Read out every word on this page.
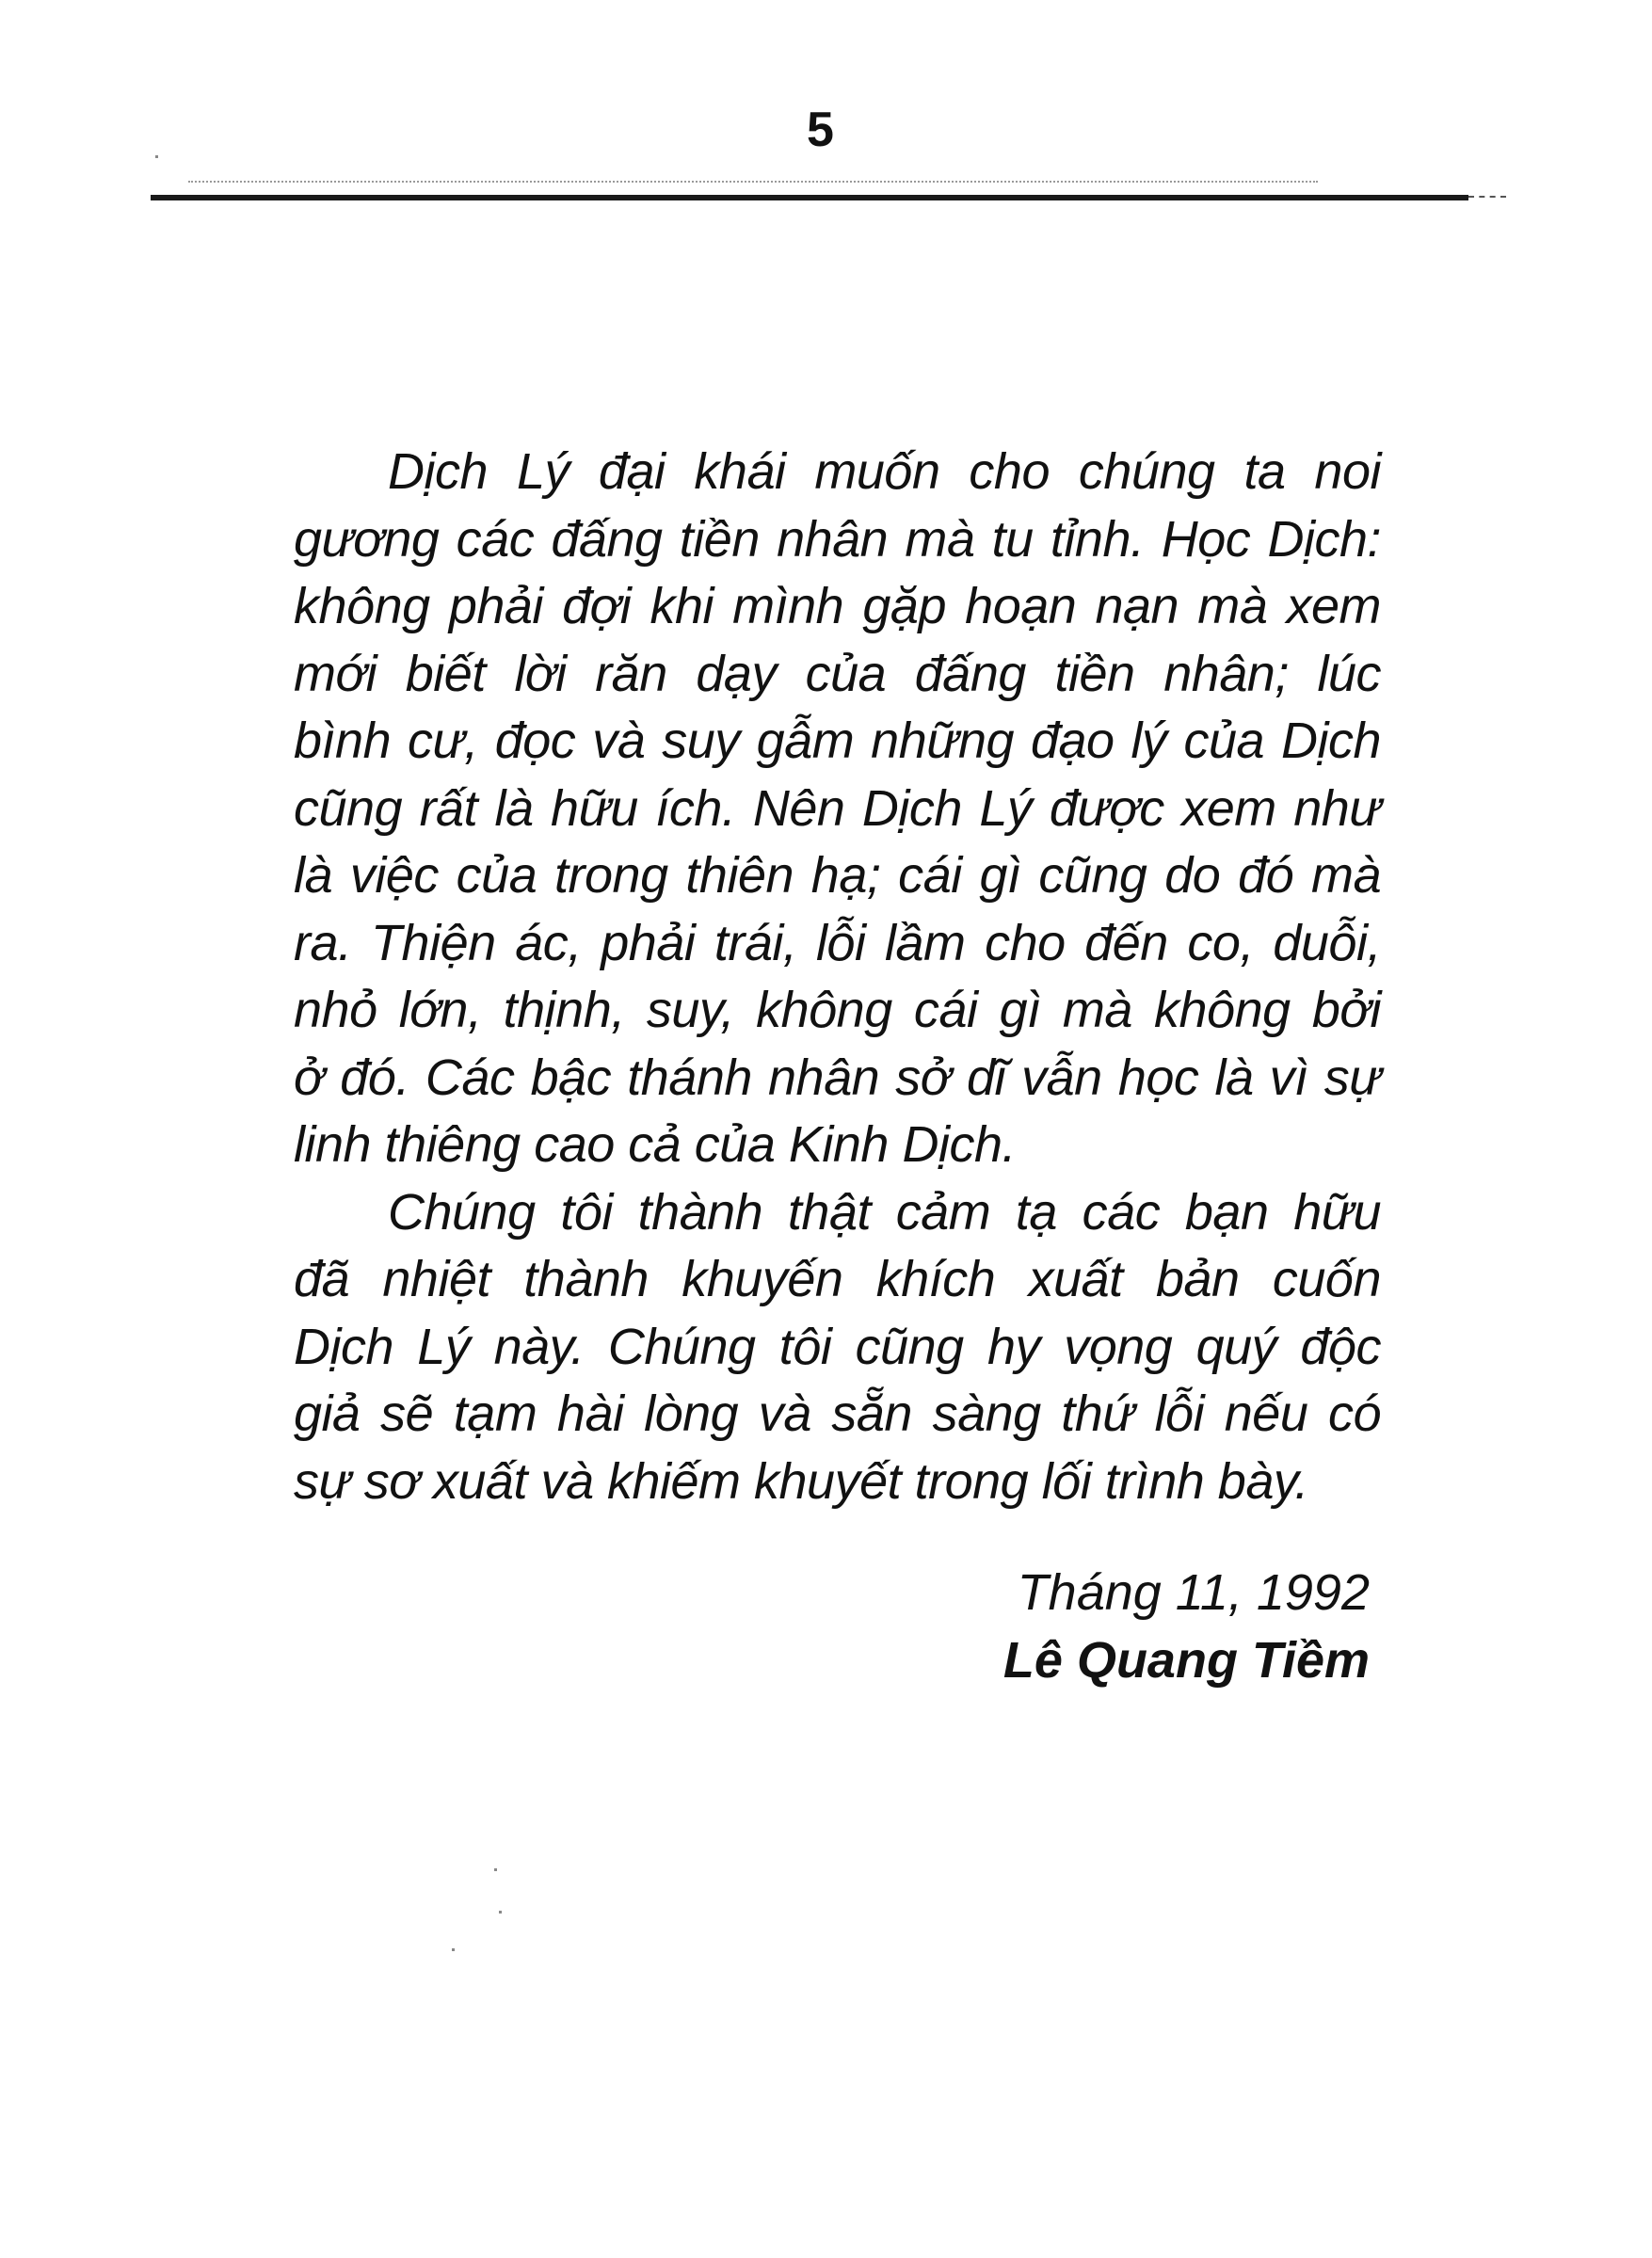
5
Dịch Lý đại khái muốn cho chúng ta noi
gương các đấng tiền nhân mà tu tỉnh. Học Dịch:
không phải đợi khi mình gặp hoạn nạn mà xem
mới biết lời răn dạy của đấng tiền nhân; lúc
bình cư, đọc và suy gẫm những đạo lý của Dịch
cũng rất là hữu ích. Nên Dịch Lý được xem như
là việc của trong thiên hạ; cái gì cũng do đó mà
ra. Thiện ác, phải trái, lỗi lầm cho đến co, duỗi,
nhỏ lớn, thịnh, suy, không cái gì mà không bởi
ở đó. Các bậc thánh nhân sở dĩ vẫn học là vì sự
linh thiêng cao cả của Kinh Dịch.
Chúng tôi thành thật cảm tạ các bạn hữu
đã nhiệt thành khuyến khích xuất bản cuốn
Dịch Lý này. Chúng tôi cũng hy vọng quý độc
giả sẽ tạm hài lòng và sẵn sàng thứ lỗi nếu có
sự sơ xuất và khiếm khuyết trong lối trình bày.
Tháng 11, 1992
Lê Quang Tiềm
